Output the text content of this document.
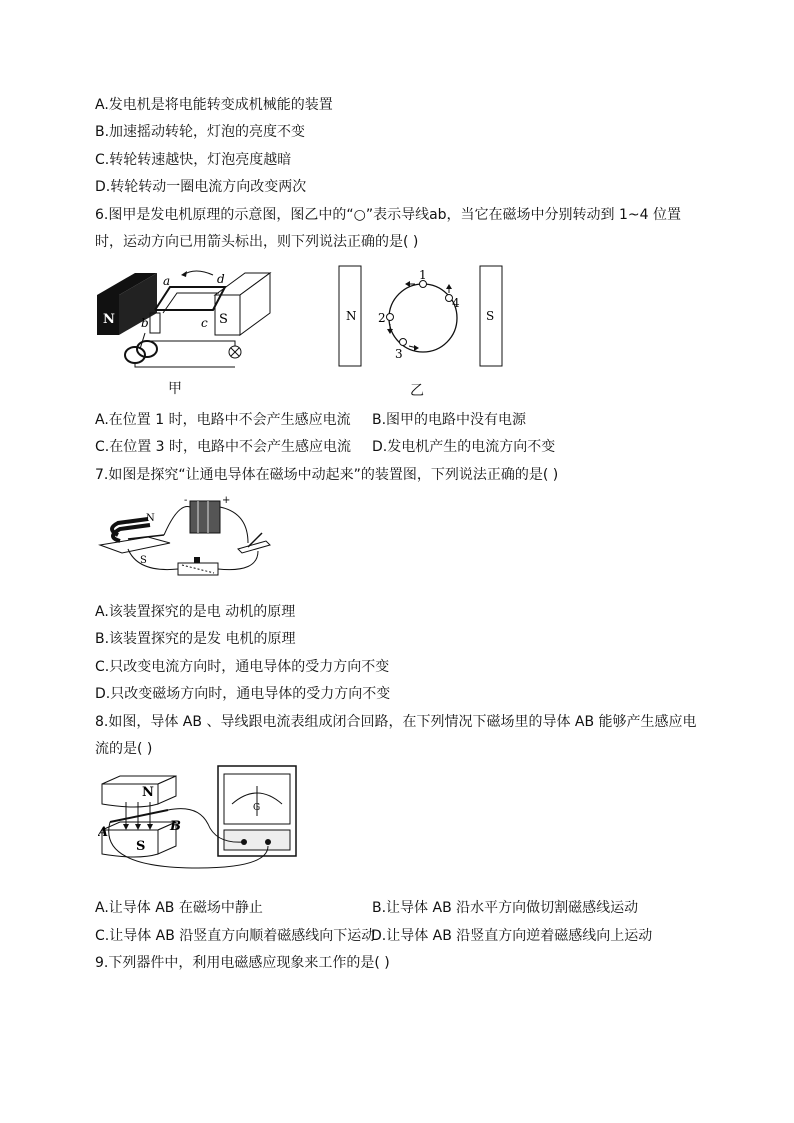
A.发电机是将电能转变成机械能的装置
B.加速摇动转轮，灯泡的亮度不变
C.转轮转速越快，灯泡亮度越暗
D.转轮转动一圈电流方向改变两次
6.图甲是发电机原理的示意图，图乙中的“○”表示导线ab，当它在磁场中分别转动到 1~4 位置
时，运动方向已用箭头标出，则下列说法正确的是( )
N	S
a	d
b	c
甲
N	S
1
4
2
3
乙
A.在位置 1 时，电路中不会产生感应电流 B.图甲的电路中没有电源
C.在位置 3 时，电路中不会产生感应电流 D.发电机产生的电流方向不变
7.如图是探究“让通电导体在磁场中动起来”的装置图，下列说法正确的是( )
N
S
-	+
A.该装置探究的是电 动机的原理
B.该装置探究的是发 电机的原理
C.只改变电流方向时，通电导体的受力方向不变
D.只改变磁场方向时，通电导体的受力方向不变
8.如图，导体 AB 、导线跟电流表组成闭合回路，在下列情况下磁场里的导体 AB 能够产生感应电
流的是( )
N
S
A	B
G
A.让导体 AB 在磁场中静止	B.让导体 AB 沿水平方向做切割磁感线运动
C.让导体 AB 沿竖直方向顺着磁感线向下运动
D.让导体 AB 沿竖直方向逆着磁感线向上运动
9.下列器件中，利用电磁感应现象来工作的是( )
